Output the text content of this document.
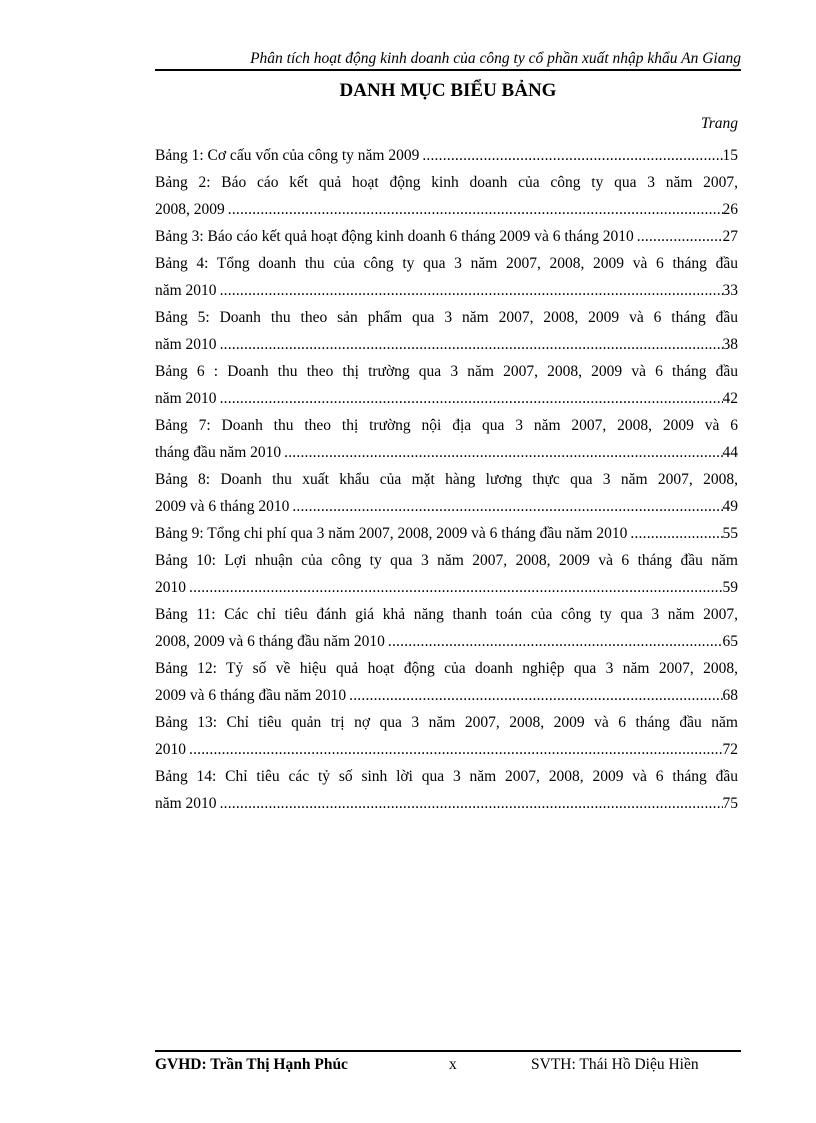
Phân tích hoạt động kinh doanh của công ty cổ phần xuất nhập khẩu An Giang
DANH MỤC BIỂU BẢNG
Trang
Bảng 1: Cơ cấu vốn của công ty năm 2009 .....	15
Bảng 2: Báo cáo kết quả hoạt động kinh doanh của công ty qua 3 năm 2007,
2008, 2009 .....	26
Bảng 3: Báo cáo kết quả hoạt động kinh doanh 6 tháng 2009 và 6 tháng 2010 .....	27
Bảng 4: Tổng doanh thu của công ty qua 3 năm 2007, 2008, 2009 và 6 tháng đầu
năm 2010 .....	33
Bảng 5: Doanh thu theo sản phẩm qua 3 năm 2007, 2008, 2009 và 6 tháng đầu
năm 2010 .....	38
Bảng 6 : Doanh thu theo thị trường qua 3 năm 2007, 2008, 2009 và 6 tháng đầu
năm 2010 .....	42
Bảng 7: Doanh thu theo thị trường nội địa qua 3 năm 2007, 2008, 2009 và 6
tháng đầu năm 2010 .....	44
Bảng 8: Doanh thu xuất khẩu của mặt hàng lương thực qua 3 năm 2007, 2008,
2009 và 6 tháng 2010 .....	49
Bảng 9: Tổng chi phí qua 3 năm 2007, 2008, 2009 và 6 tháng đầu năm 2010 .....	55
Bảng 10: Lợi nhuận của công ty qua 3 năm 2007, 2008, 2009 và 6 tháng đầu năm
2010 .....	59
Bảng 11: Các chỉ tiêu đánh giá khả năng thanh toán của công ty qua 3 năm 2007,
2008, 2009 và 6 tháng đầu năm 2010 .....	65
Bảng 12: Tỷ số về hiệu quả hoạt động của doanh nghiệp qua 3 năm 2007, 2008,
2009 và 6 tháng đầu năm 2010 .....	68
Bảng 13: Chỉ tiêu quản trị nợ qua 3 năm 2007, 2008, 2009 và 6 tháng đầu năm
2010 .....	72
Bảng 14: Chỉ tiêu các tỷ số sinh lời qua 3 năm 2007, 2008, 2009 và 6 tháng đầu
năm 2010 .....	75
GVHD: Trần Thị Hạnh Phúc	x	SVTH: Thái Hồ Diệu Hiền
